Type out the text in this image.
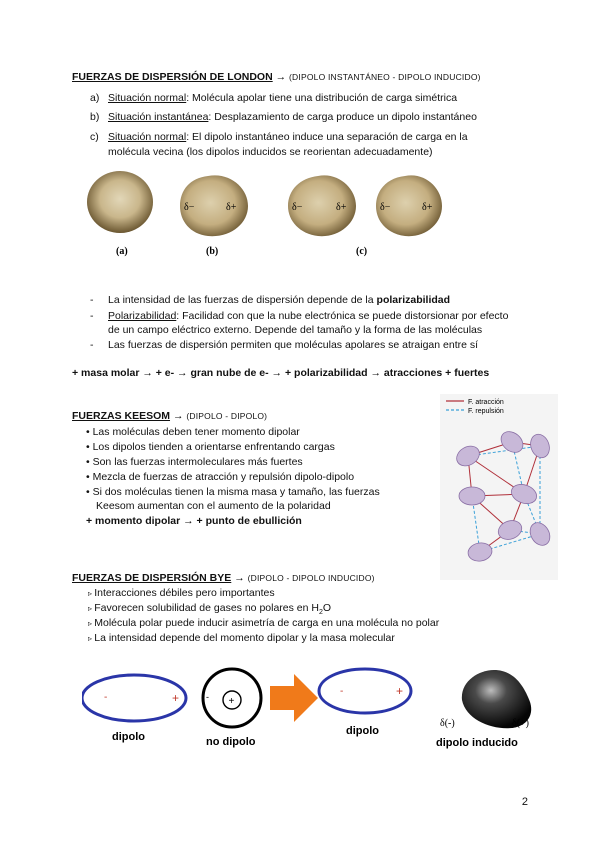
FUERZAS DE DISPERSIÓN DE LONDON → (DIPOLO INSTANTÁNEO - DIPOLO INDUCIDO)
a) Situación normal: Molécula apolar tiene una distribución de carga simétrica
b) Situación instantánea: Desplazamiento de carga produce un dipolo instantáneo
c) Situación normal: El dipolo instantáneo induce una separación de carga en la
molécula vecina (los dipolos inducidos se reorientan adecuadamente)
δ−	δ+	δ−	δ+	δ−	δ+
(a)	(b)	(c)
- La intensidad de las fuerzas de dispersión depende de la polarizabilidad
- Polarizabilidad: Facilidad con que la nube electrónica se puede distorsionar por efecto
de un campo eléctrico externo. Depende del tamaño y la forma de las moléculas
- Las fuerzas de dispersión permiten que moléculas apolares se atraigan entre sí
+ masa molar → + e- → gran nube de e- → + polarizabilidad → atracciones + fuertes
FUERZAS KEESOM → (DIPOLO - DIPOLO)
• Las moléculas deben tener momento dipolar
• Los dipolos tienden a orientarse enfrentando cargas
• Son las fuerzas intermoleculares más fuertes
• Mezcla de fuerzas de atracción y repulsión dipolo-dipolo
• Si dos moléculas tienen la misma masa y tamaño, las fuerzas
Keesom aumentan con el aumento de la polaridad
+ momento dipolar → + punto de ebullición
F. atracción
F. repulsión
FUERZAS DE DISPERSIÓN BYE → (DIPOLO - DIPOLO INDUCIDO)
▹ Interacciones débiles pero importantes
▹ Favorecen solubilidad de gases no polares en $H_2O$
▹ Molécula polar puede inducir asimetría de carga en una molécula no polar
▹ La intensidad depende del momento dipolar y la masa molecular
-	+
dipolo
+
-
no dipolo
-	+
dipolo
δ(-)	δ(+)
dipolo inducido
2
